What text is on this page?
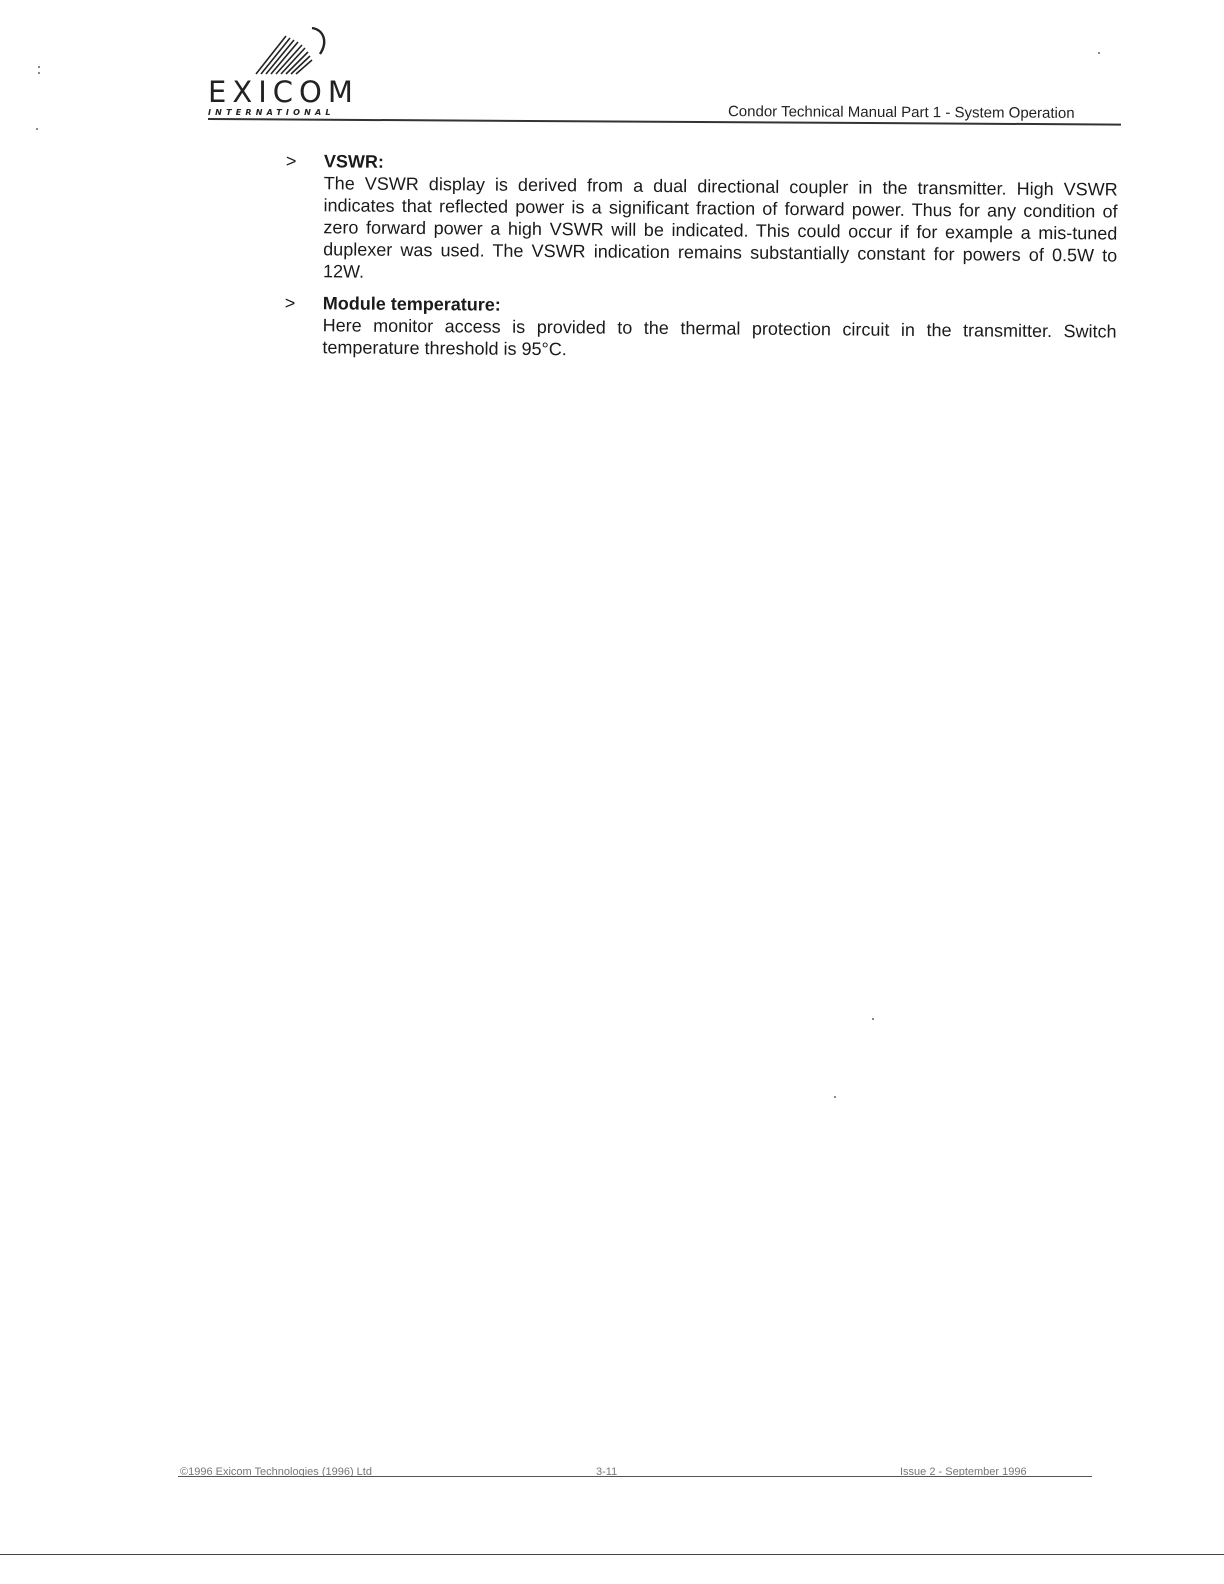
EXICOM
INTERNATIONAL	Condor Technical Manual Part 1 - System Operation
>	VSWR:
The VSWR display is derived from a dual directional coupler in the transmitter. High VSWR indicates that reflected power is a significant fraction of forward power. Thus for any condition of zero forward power a high VSWR will be indicated. This could occur if for example a mis-tuned duplexer was used. The VSWR indication remains substantially constant for powers of 0.5W to 12W.
>	Module temperature:
Here monitor access is provided to the thermal protection circuit in the transmitter. Switch temperature threshold is 95°C.
©1996 Exicom Technologies (1996) Ltd	3-11	Issue 2 - September 1996
